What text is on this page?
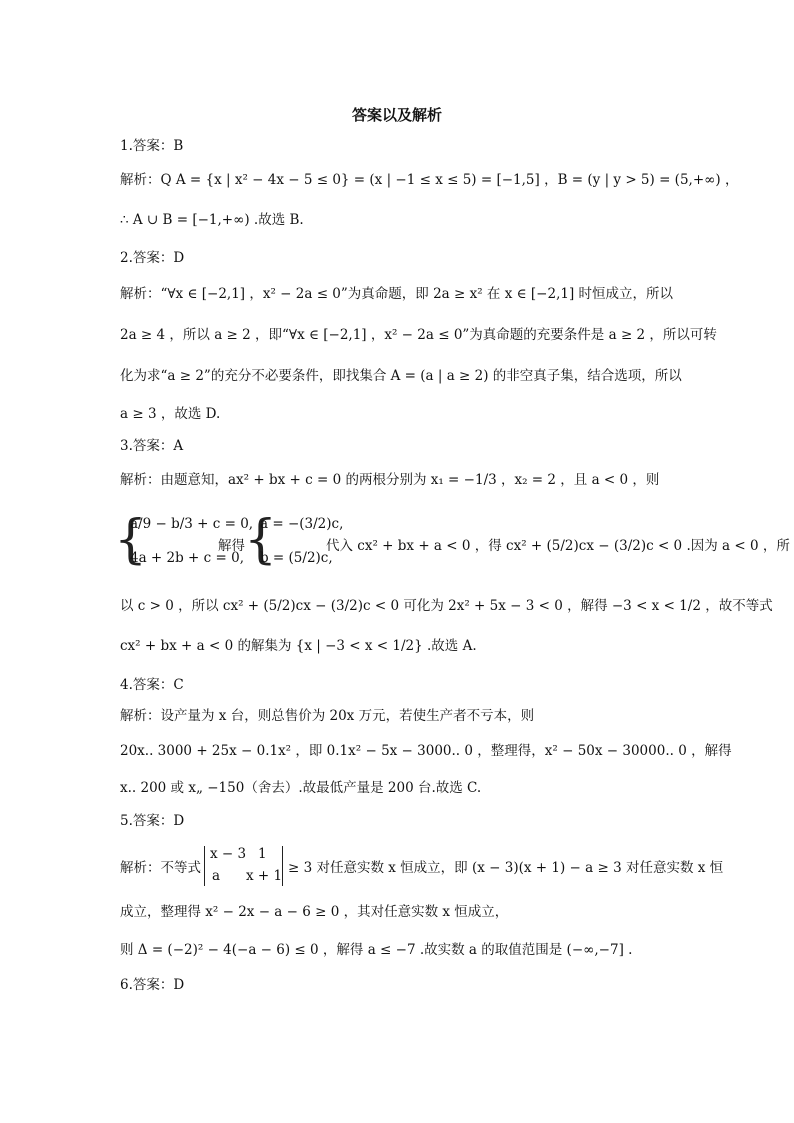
答案以及解析
1.答案：B
解析：Q A = {x | x² − 4x − 5 ≤ 0} = (x | −1 ≤ x ≤ 5) = [−1,5] ，B = (y | y > 5) = (5,+∞) ，
∴ A ∪ B = [−1,+∞) .故选 B.
2.答案：D
解析：“∀x ∈ [−2,1] ，x² − 2a ≤ 0”为真命题，即 2a ≥ x² 在 x ∈ [−2,1] 时恒成立，所以
2a ≥ 4 ，所以 a ≥ 2 ，即“∀x ∈ [−2,1] ，x² − 2a ≤ 0”为真命题的充要条件是 a ≥ 2 ，所以可转
化为求“a ≥ 2”的充分不必要条件，即找集合 A = (a | a ≥ 2) 的非空真子集，结合选项，所以
a ≥ 3 ，故选 D.
3.答案：A
解析：由题意知，ax² + bx + c = 0 的两根分别为 x₁ = −1/3 ，x₂ = 2 ，且 a < 0 ，则
{
a/9 − b/3 + c = 0,
4a + 2b + c = 0,
解得 {
a = −(3/2)c,
b = (5/2)c,
代入 cx² + bx + a < 0 ，得 cx² + (5/2)cx − (3/2)c < 0 .因为 a < 0 ，所
以 c > 0 ，所以 cx² + (5/2)cx − (3/2)c < 0 可化为 2x² + 5x − 3 < 0 ，解得 −3 < x < 1/2 ，故不等式
cx² + bx + a < 0 的解集为 {x | −3 < x < 1/2} .故选 A.
4.答案：C
解析：设产量为 x 台，则总售价为 20x 万元，若使生产者不亏本，则
20x.. 3000 + 25x − 0.1x² ，即 0.1x² − 5x − 3000.. 0 ，整理得，x² − 50x − 30000.. 0 ，解得
x.. 200 或 x„ −150（舍去）.故最低产量是 200 台.故选 C.
5.答案：D
解析：不等式
x − 3 1
a x + 1 ≥ 3 对任意实数 x 恒成立，即 (x − 3)(x + 1) − a ≥ 3 对任意实数 x 恒
成立，整理得 x² − 2x − a − 6 ≥ 0 ，其对任意实数 x 恒成立，
则 Δ = (−2)² − 4(−a − 6) ≤ 0 ，解得 a ≤ −7 .故实数 a 的取值范围是 (−∞,−7] .
6.答案：D
